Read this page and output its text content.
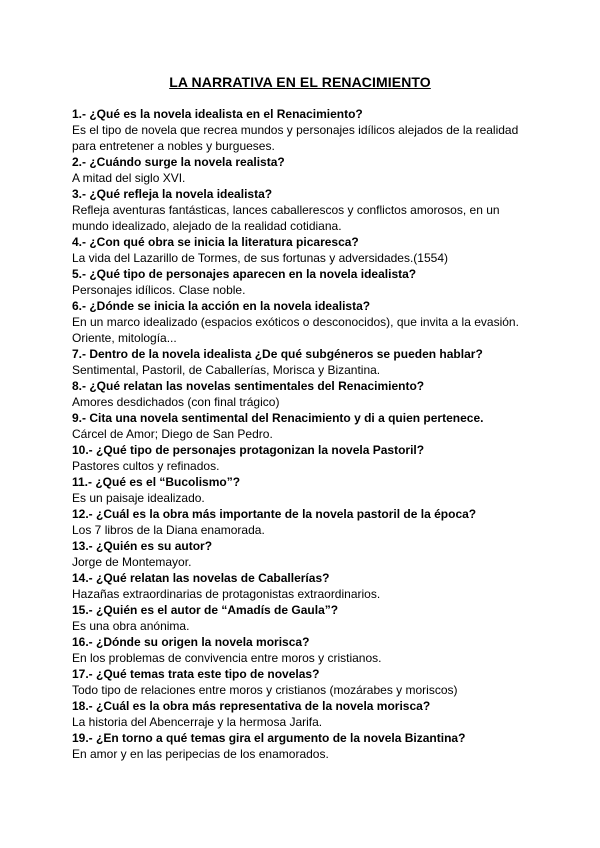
LA NARRATIVA EN EL RENACIMIENTO

1.- ¿Qué es la novela idealista en el Renacimiento?

Es el tipo de novela que recrea mundos y personajes idílicos alejados de la realidad

para entretener a nobles y burgueses.

2.- ¿Cuándo surge la novela realista?

A mitad del siglo XVI.

3.- ¿Qué refleja la novela idealista?

Refleja aventuras fantásticas, lances caballerescos y conflictos amorosos, en un

mundo idealizado, alejado de la realidad cotidiana.

4.- ¿Con qué obra se inicia la literatura picaresca?

La vida del Lazarillo de Tormes, de sus fortunas y adversidades.(1554)

5.- ¿Qué tipo de personajes aparecen en la novela idealista?

Personajes idílicos. Clase noble.

6.- ¿Dónde se inicia la acción en la novela idealista?

En un marco idealizado (espacios exóticos o desconocidos), que invita a la evasión.

Oriente, mitología...

7.- Dentro de la novela idealista ¿De qué subgéneros se pueden hablar?

Sentimental, Pastoril, de Caballerías, Morisca y Bizantina.

8.- ¿Qué relatan las novelas sentimentales del Renacimiento?

Amores desdichados (con final trágico)

9.- Cita una novela sentimental del Renacimiento y di a quien pertenece.

Cárcel de Amor; Diego de San Pedro.

10.- ¿Qué tipo de personajes protagonizan la novela Pastoril?

Pastores cultos y refinados.

11.- ¿Qué es el “Bucolismo”?

Es un paisaje idealizado.

12.- ¿Cuál es la obra más importante de la novela pastoril de la época?

Los 7 libros de la Diana enamorada.

13.- ¿Quién es su autor?

Jorge de Montemayor.

14.- ¿Qué relatan las novelas de Caballerías?

Hazañas extraordinarias de protagonistas extraordinarios.

15.- ¿Quién es el autor de “Amadís de Gaula”?

Es una obra anónima.

16.- ¿Dónde su origen la novela morisca?

En los problemas de convivencia entre moros y cristianos.

17.- ¿Qué temas trata este tipo de novelas?

Todo tipo de relaciones entre moros y cristianos (mozárabes y moriscos)

18.- ¿Cuál es la obra más representativa de la novela morisca?

La historia del Abencerraje y la hermosa Jarifa.

19.- ¿En torno a qué temas gira el argumento de la novela Bizantina?

En amor y en las peripecias de los enamorados.
